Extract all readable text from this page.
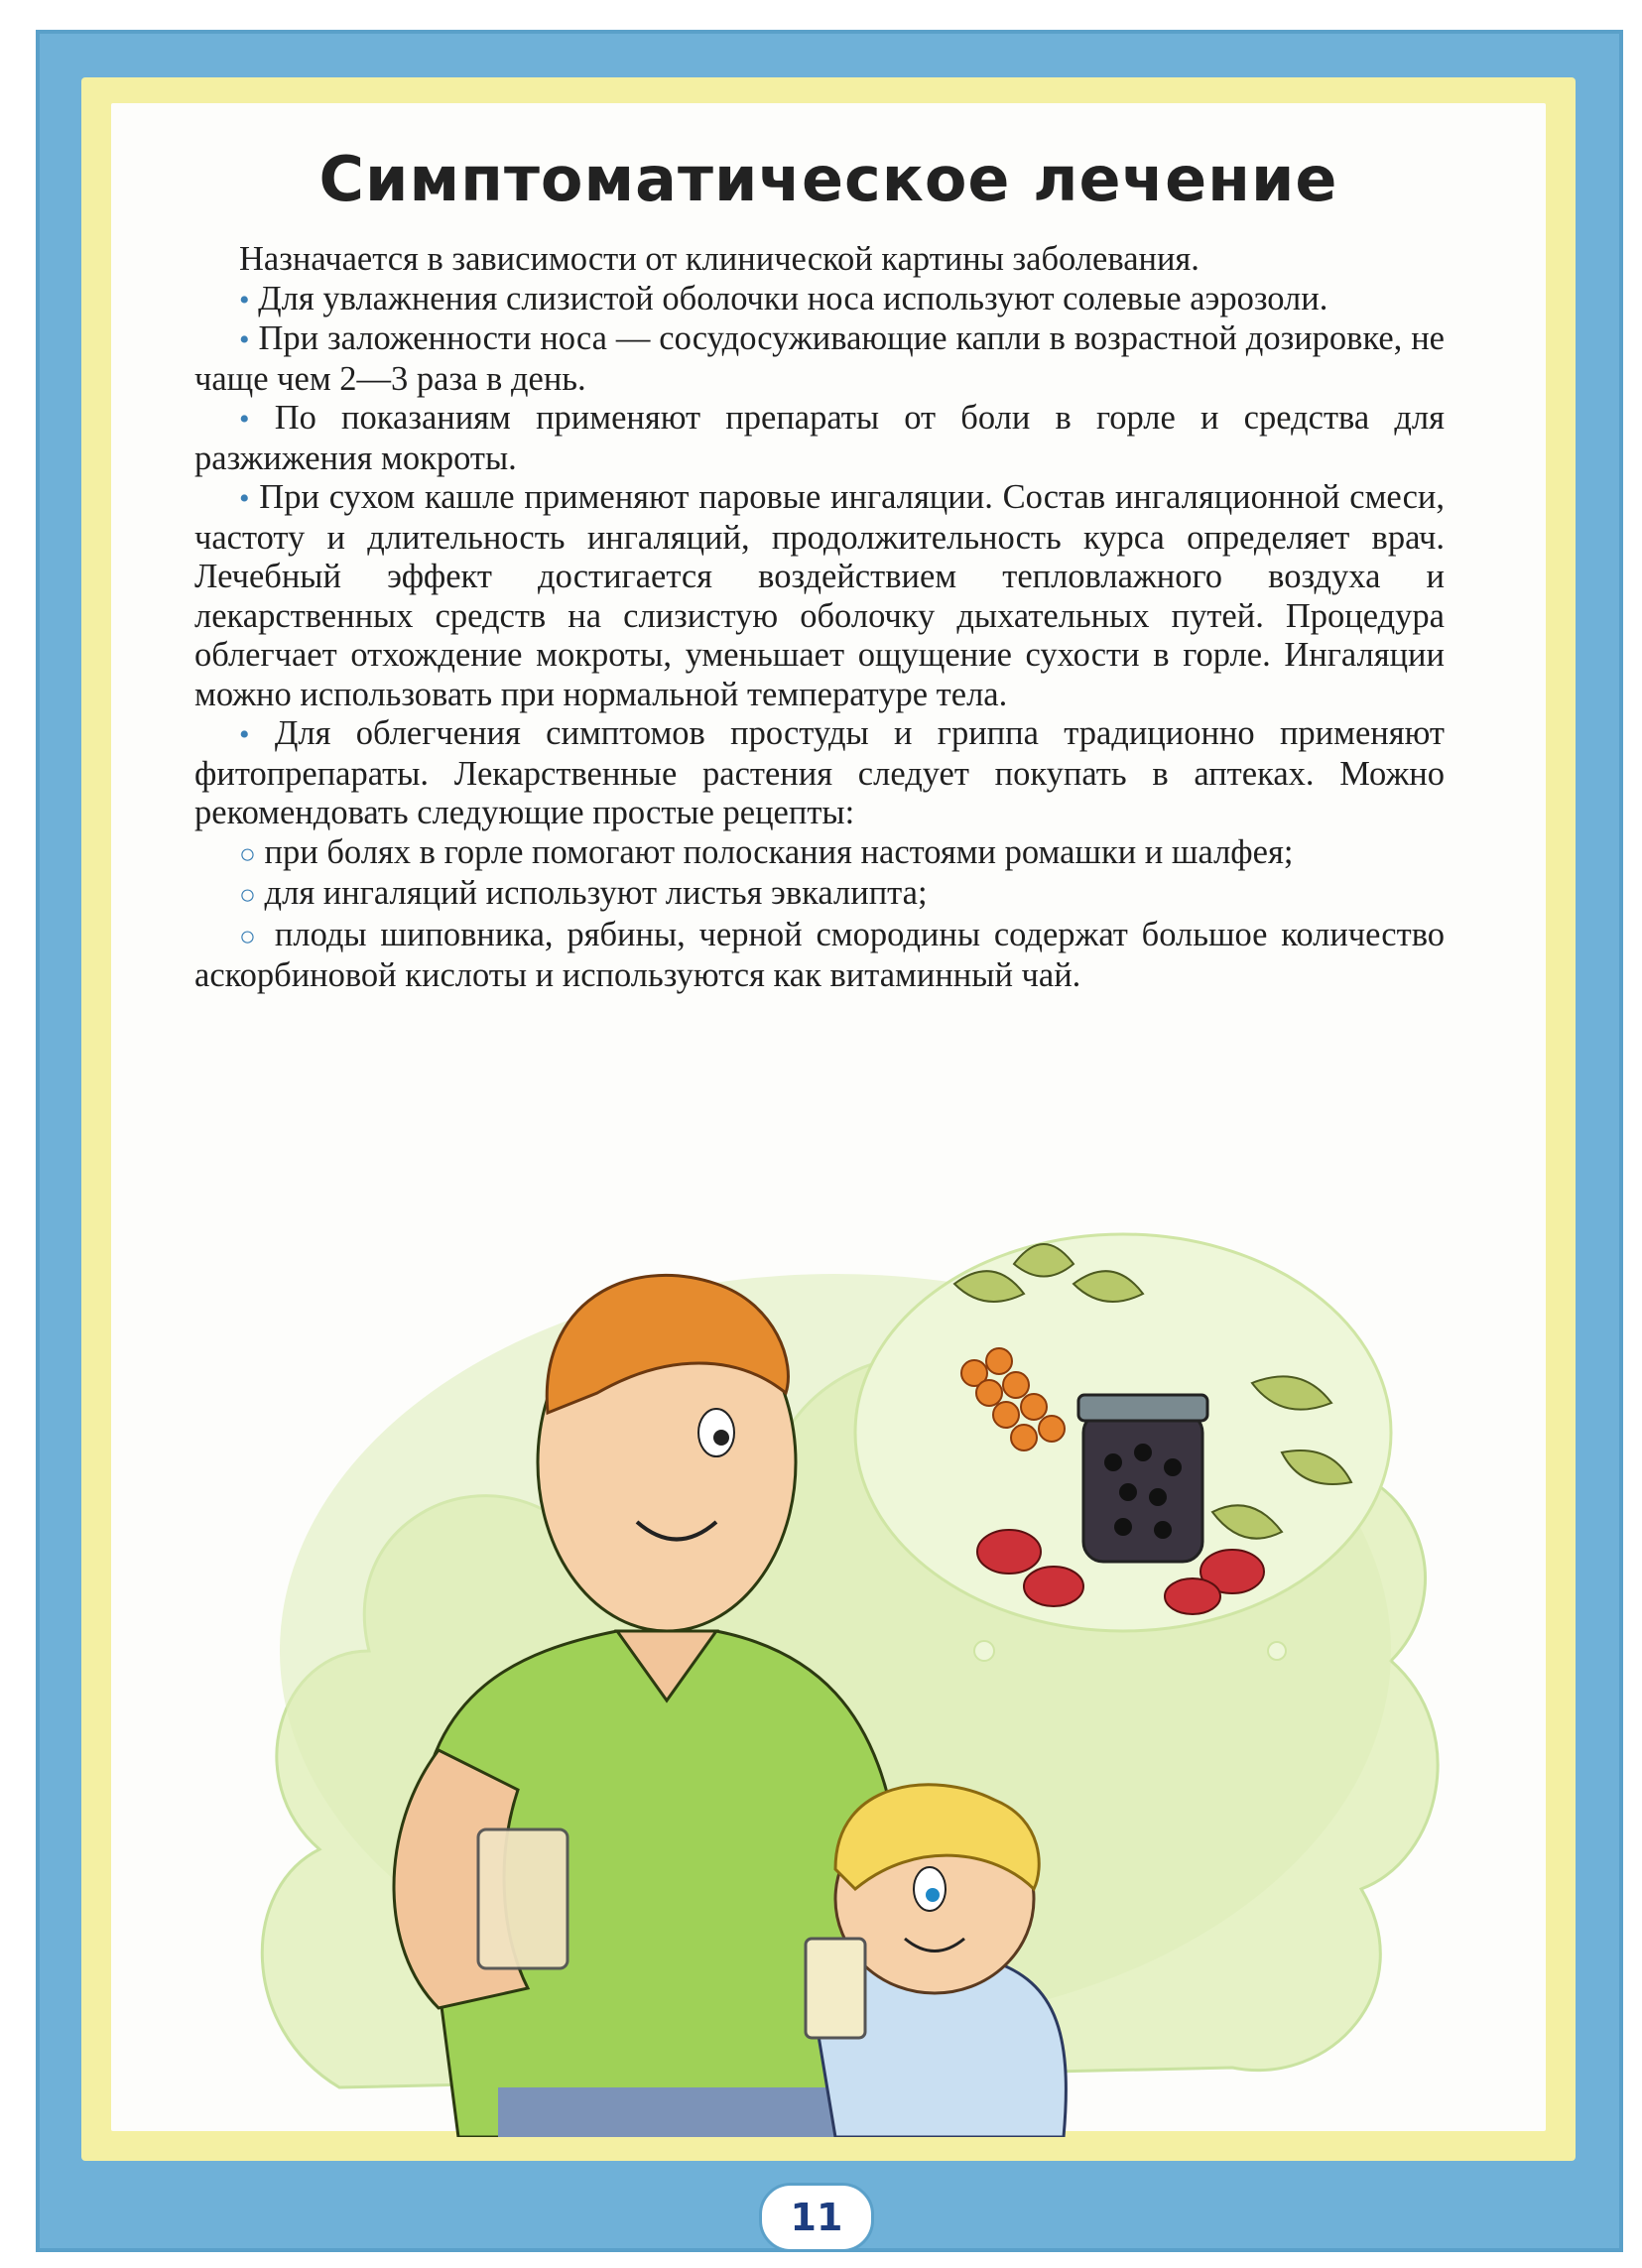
Симптоматическое лечение

Назначается в зависимости от клинической картины заболевания.

• Для увлажнения слизистой оболочки носа используют солевые аэрозоли.

• При заложенности носа — сосудосуживающие капли в возрастной дозировке, не чаще чем 2—3 раза в день.

• По показаниям применяют препараты от боли в горле и средства для разжижения мокроты.

• При сухом кашле применяют паровые ингаляции. Состав ингаляционной смеси, частоту и длительность ингаляций, продолжительность курса определяет врач. Лечебный эффект достигается воздействием тепловлажного воздуха и лекарственных средств на слизистую оболочку дыхательных путей. Процедура облегчает отхождение мокроты, уменьшает ощущение сухости в горле. Ингаляции можно использовать при нормальной температуре тела.

• Для облегчения симптомов простуды и гриппа традиционно применяют фитопрепараты. Лекарственные растения следует покупать в аптеках. Можно рекомендовать следующие простые рецепты:

○ при болях в горле помогают полоскания настоями ромашки и шалфея;

○ для ингаляций используют листья эвкалипта;

○ плоды шиповника, рябины, черной смородины содержат большое количество аскорбиновой кислоты и используются как витаминный чай.

11
